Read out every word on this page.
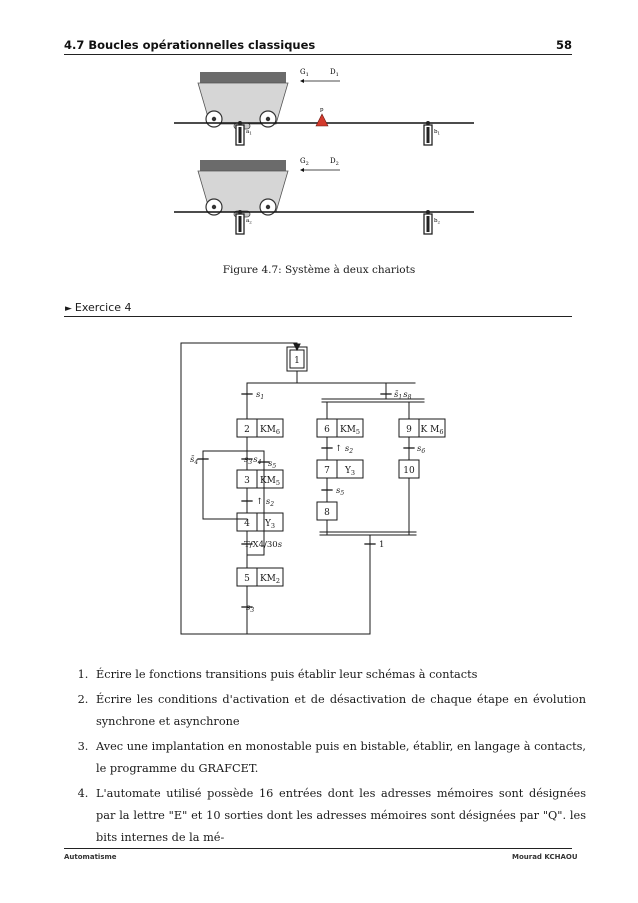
4.7 Boucles opérationnelles classiques	58
p
$a_1$	$b_1$
$G_1$	$D_1$
$a_2$	$b_2$
$G_2$	$D_2$
Figure 4.7: Système à deux chariots
► Exercice 4
1
2
3
4
5
6
7
8
9
10
$KM_6$
$KM_5$
$Y_3$
$KM_2$
$KM_5$
$Y_3$
K $M_6$
$s_1$	$s̄_1s_8$
$s_3s_4$
$s̄_4$	$s_5$
↑ $s_2$
T/X4/30s
$s_3$
↑ $s_2$
$s_5$
$s_6$
1
1. Écrire le fonctions transitions puis établir leur schémas à contacts
2. Écrire les conditions d'activation et de désactivation de chaque étape en évolution synchrone et asynchrone
3. Avec une implantation en monostable puis en bistable, établir, en langage à contacts, le programme du GRAFCET.
4. L'automate utilisé possède 16 entrées dont les adresses mémoires sont désignées par la lettre "E" et 10 sorties dont les adresses mémoires sont désignées par "Q". les bits internes de la mé-
Automatisme	Mourad KCHAOU
